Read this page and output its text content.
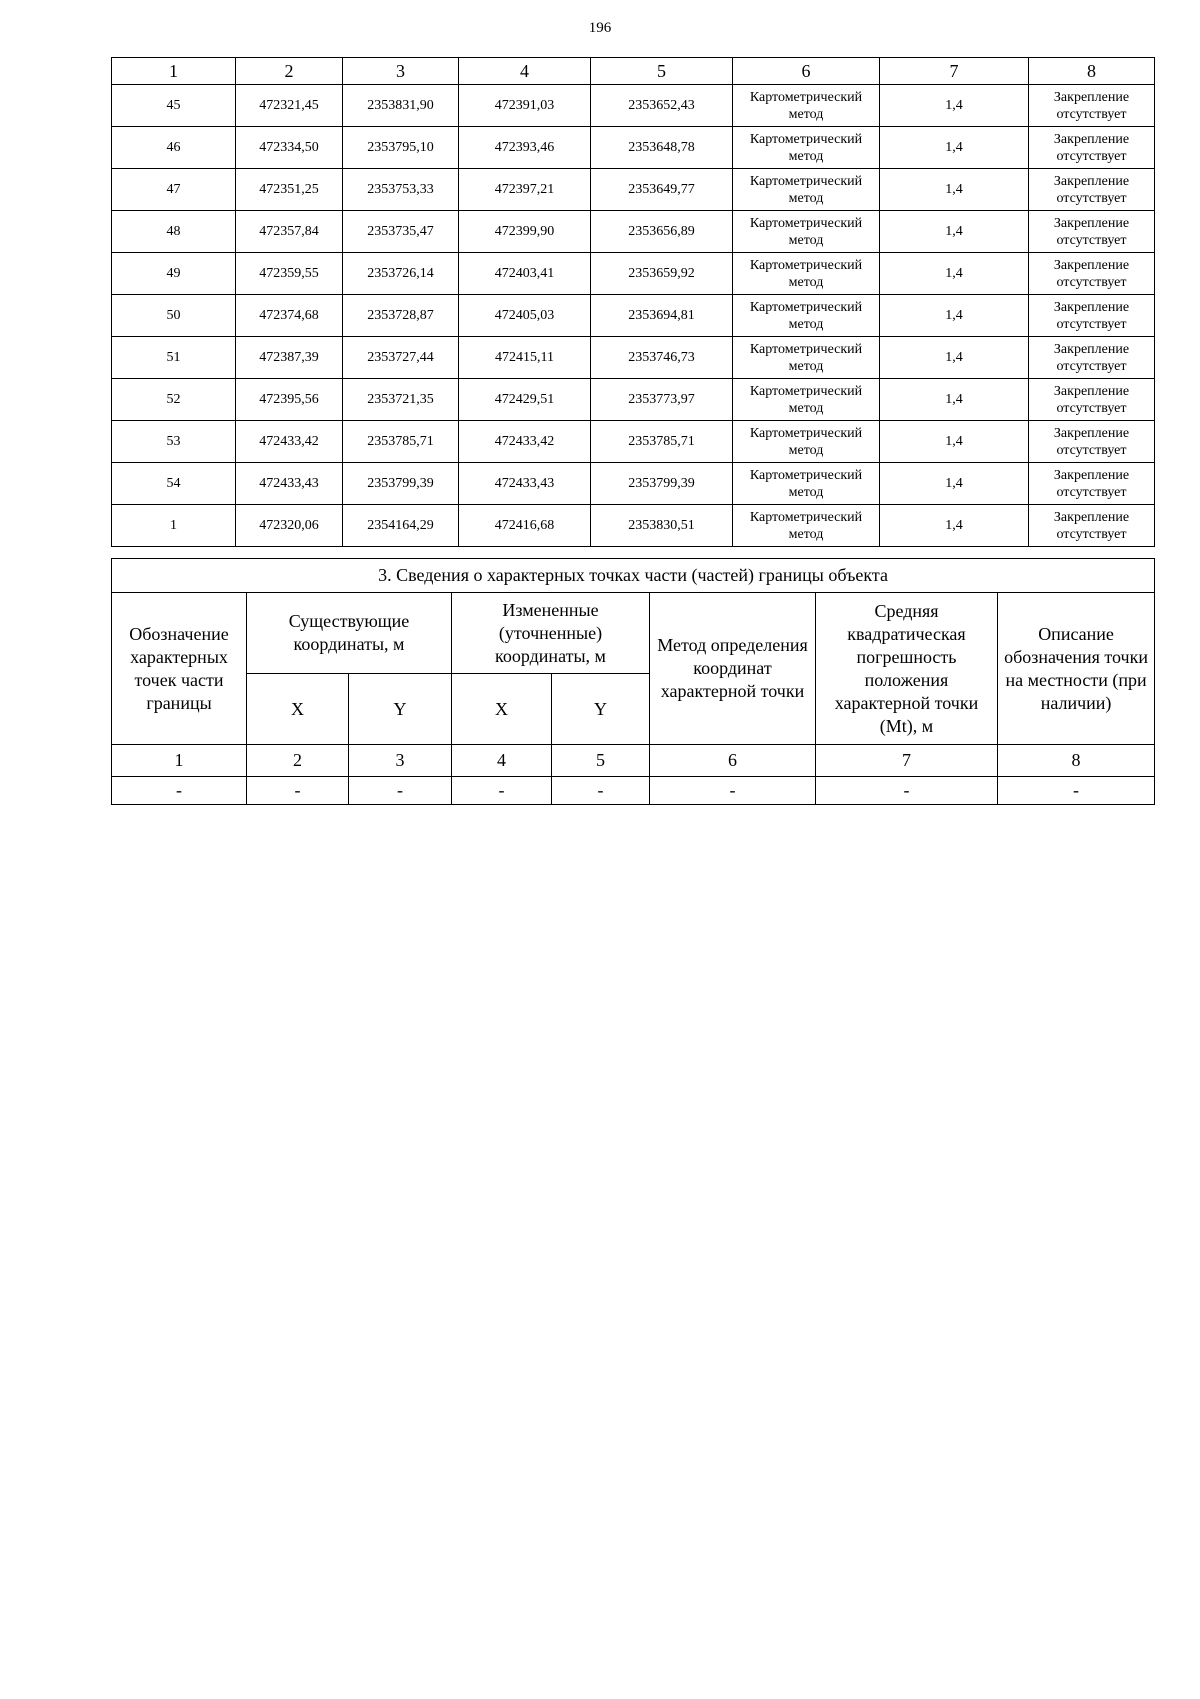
196
1	2	3	4	5	6	7	8
45	472321,45	2353831,90	472391,03	2353652,43	Картометрический метод	1,4	Закрепление отсутствует
46	472334,50	2353795,10	472393,46	2353648,78	Картометрический метод	1,4	Закрепление отсутствует
47	472351,25	2353753,33	472397,21	2353649,77	Картометрический метод	1,4	Закрепление отсутствует
48	472357,84	2353735,47	472399,90	2353656,89	Картометрический метод	1,4	Закрепление отсутствует
49	472359,55	2353726,14	472403,41	2353659,92	Картометрический метод	1,4	Закрепление отсутствует
50	472374,68	2353728,87	472405,03	2353694,81	Картометрический метод	1,4	Закрепление отсутствует
51	472387,39	2353727,44	472415,11	2353746,73	Картометрический метод	1,4	Закрепление отсутствует
52	472395,56	2353721,35	472429,51	2353773,97	Картометрический метод	1,4	Закрепление отсутствует
53	472433,42	2353785,71	472433,42	2353785,71	Картометрический метод	1,4	Закрепление отсутствует
54	472433,43	2353799,39	472433,43	2353799,39	Картометрический метод	1,4	Закрепление отсутствует
1	472320,06	2354164,29	472416,68	2353830,51	Картометрический метод	1,4	Закрепление отсутствует
3. Сведения о характерных точках части (частей) границы объекта							
Обозначение характерных точек части границы	Существующие координаты, м		Измененные (уточненные) координаты, м		Метод определения координат характерной точки	Средняя квадратическая погрешность положения характерной точки (Mt), м	Описание обозначения точки на местности (при наличии)
	X	Y	X	Y			
1	2	3	4	5	6	7	8
-	-	-	-	-	-	-	-
